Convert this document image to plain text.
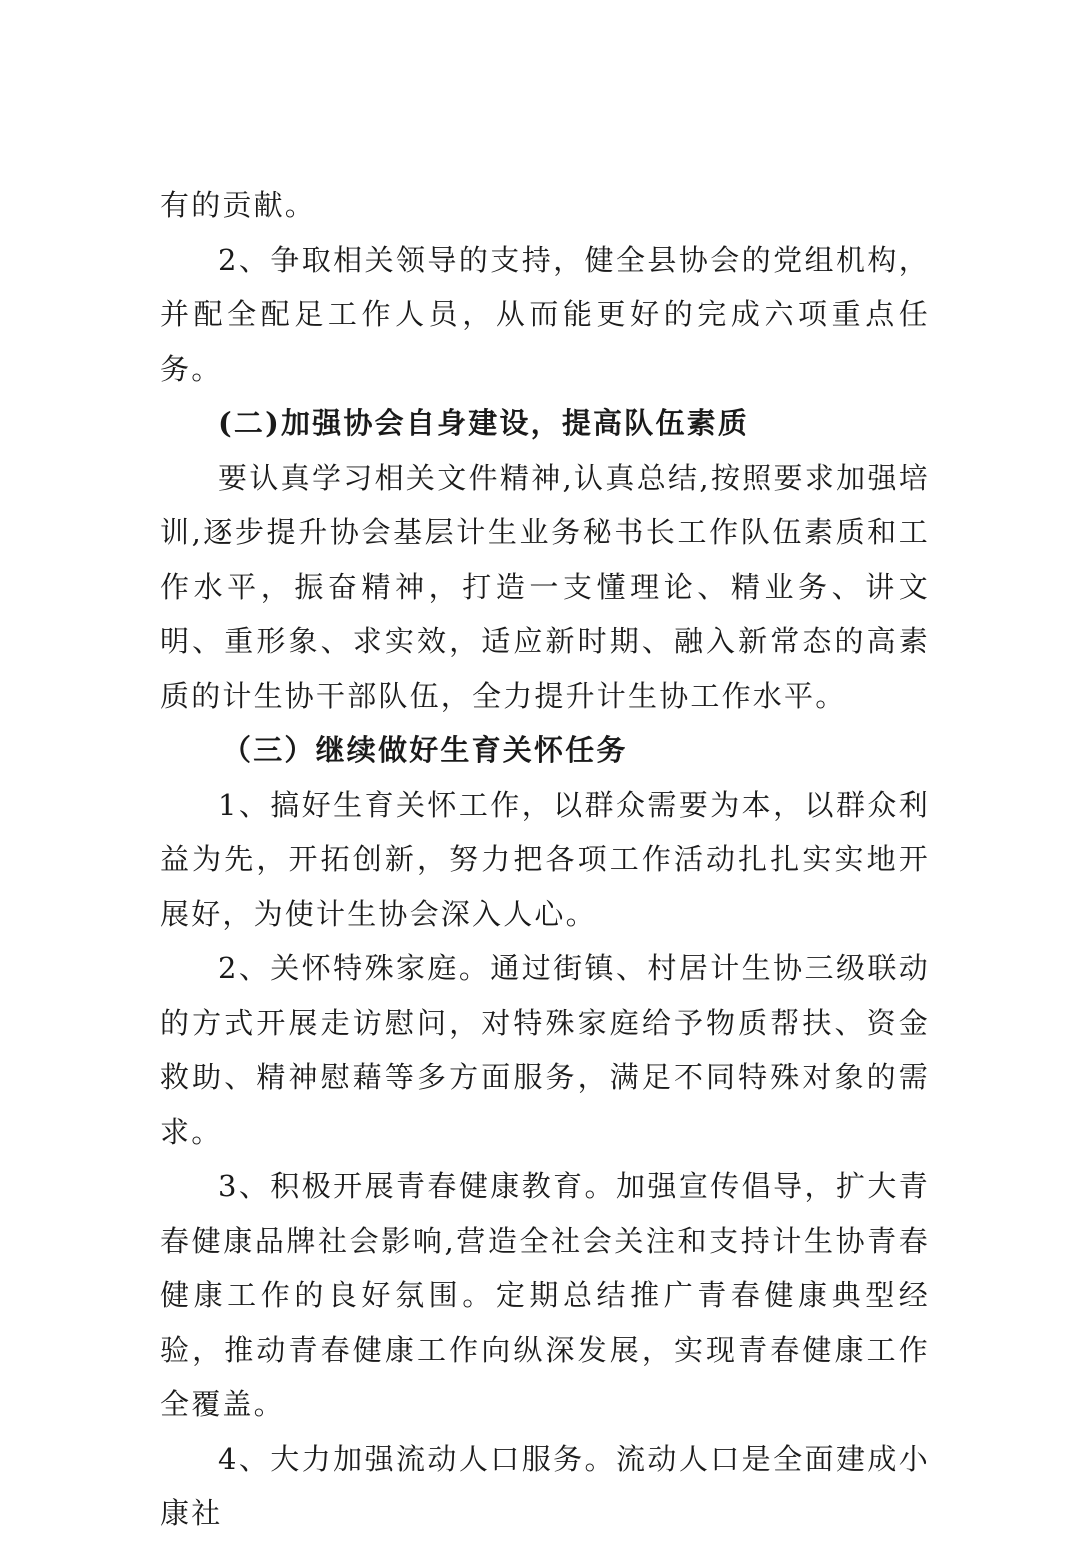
有的贡献。

2、争取相关领导的支持，健全县协会的党组机构，并配全配足工作人员，从而能更好的完成六项重点任务。

(二)加强协会自身建设，提高队伍素质

要认真学习相关文件精神,认真总结,按照要求加强培训,逐步提升协会基层计生业务秘书长工作队伍素质和工作水平，振奋精神，打造一支懂理论、精业务、讲文明、重形象、求实效，适应新时期、融入新常态的高素质的计生协干部队伍，全力提升计生协工作水平。

（三）继续做好生育关怀任务

1、搞好生育关怀工作，以群众需要为本，以群众利益为先，开拓创新，努力把各项工作活动扎扎实实地开展好，为使计生协会深入人心。

2、关怀特殊家庭。通过街镇、村居计生协三级联动的方式开展走访慰问，对特殊家庭给予物质帮扶、资金救助、精神慰藉等多方面服务，满足不同特殊对象的需求。

3、积极开展青春健康教育。加强宣传倡导，扩大青春健康品牌社会影响,营造全社会关注和支持计生协青春健康工作的良好氛围。定期总结推广青春健康典型经验，推动青春健康工作向纵深发展，实现青春健康工作全覆盖。

4、大力加强流动人口服务。流动人口是全面建成小康社
